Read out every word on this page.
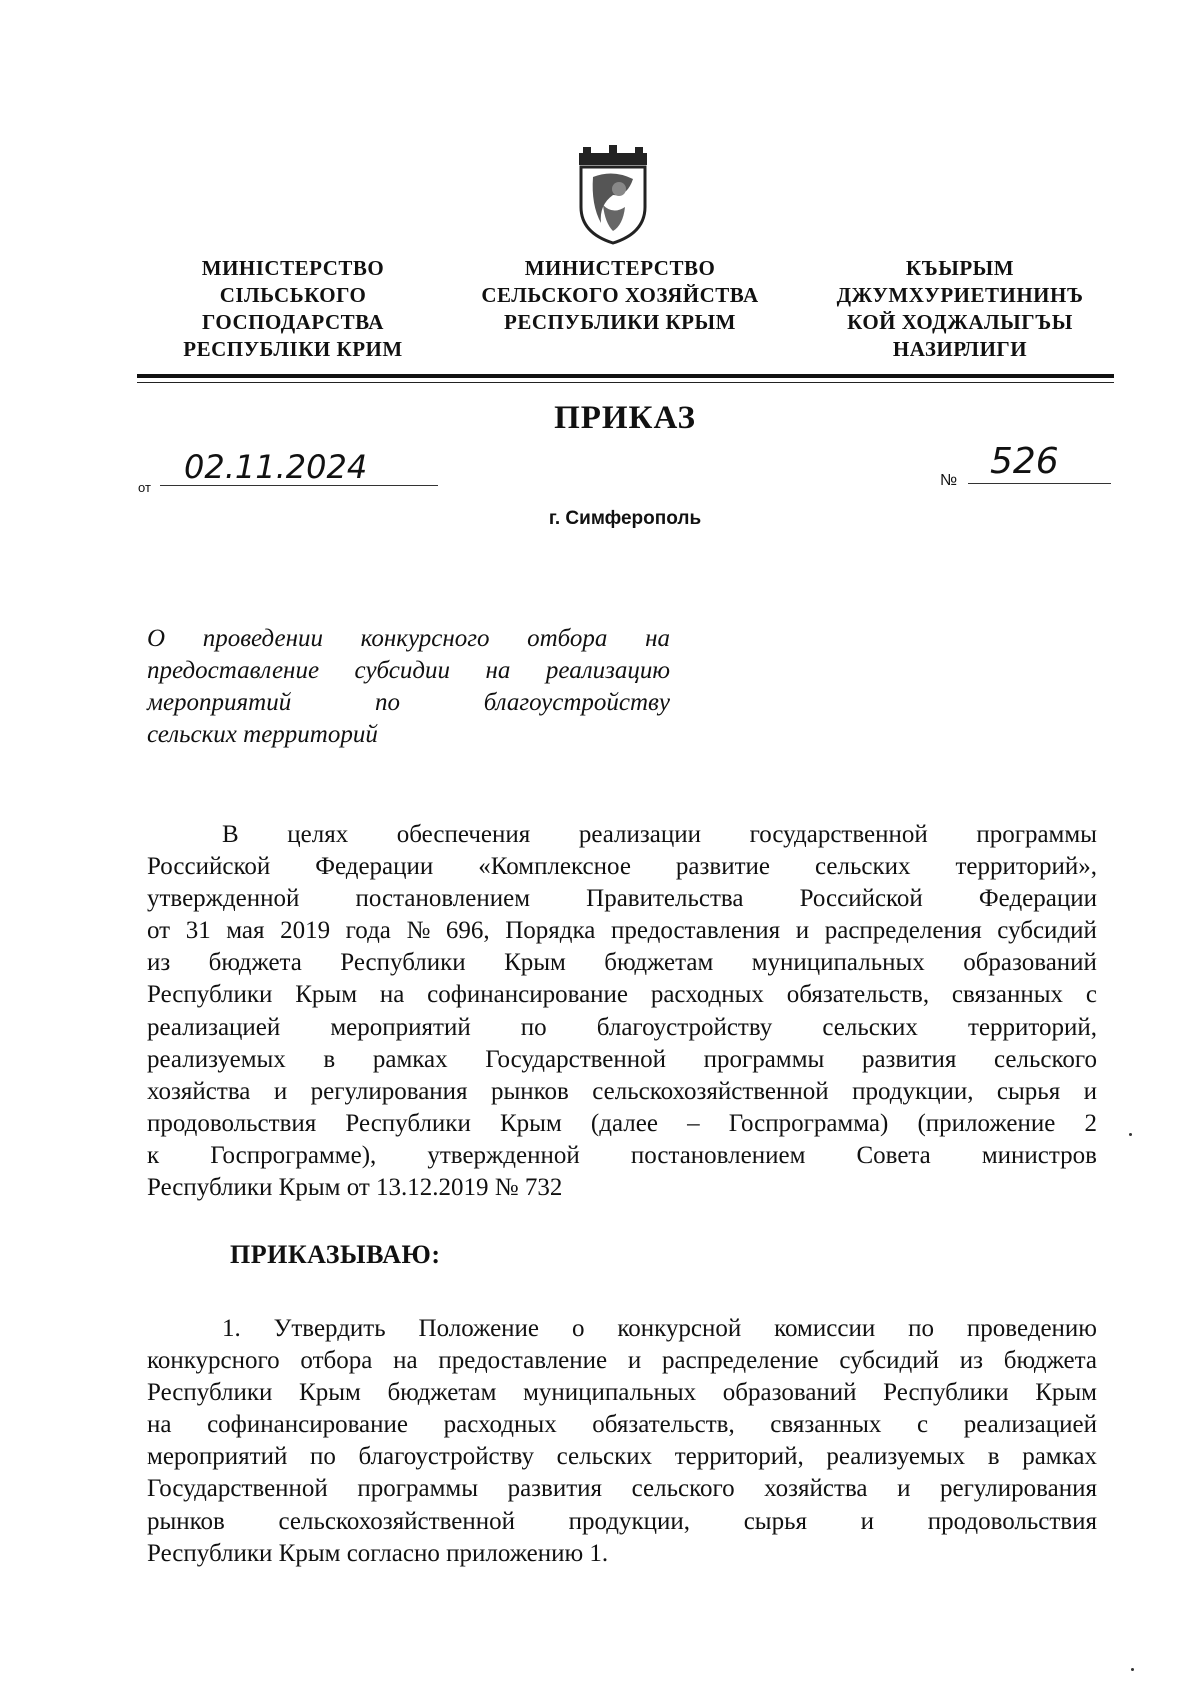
МИНІСТЕРСТВО
СІЛЬСЬКОГО
ГОСПОДАРСТВА
РЕСПУБЛІКИ КРИМ
МИНИСТЕРСТВО
СЕЛЬСКОГО ХОЗЯЙСТВА
РЕСПУБЛИКИ КРЫМ
КЪЫРЫМ
ДЖУМХУРИЕТИНИНЪ
КОЙ ХОДЖАЛЫГЪЫ
НАЗИРЛИГИ
ПРИКАЗ
от
02.11.2024	№ 526
г. Симферополь
О проведении конкурсного отбора на
предоставление субсидии на реализацию
мероприятий	по	благоустройству
сельских территорий
В целях обеспечения реализации государственной программы
Российской Федерации «Комплексное развитие сельских территорий»,
утвержденной постановлением Правительства Российской Федерации
от 31 мая 2019 года № 696, Порядка предоставления и распределения субсидий
из бюджета Республики Крым бюджетам муниципальных образований
Республики Крым на софинансирование расходных обязательств, связанных с
реализацией мероприятий по благоустройству сельских территорий,
реализуемых в рамках Государственной программы развития сельского
хозяйства и регулирования рынков сельскохозяйственной продукции, сырья и
продовольствия Республики Крым (далее – Госпрограмма) (приложение 2
к Госпрограмме), утвержденной постановлением Совета министров
Республики Крым от 13.12.2019 № 732
ПРИКАЗЫВАЮ:
1. Утвердить Положение о конкурсной комиссии по проведению
конкурсного отбора на предоставление и распределение субсидий из бюджета
Республики Крым бюджетам муниципальных образований Республики Крым
на софинансирование расходных обязательств, связанных с реализацией
мероприятий по благоустройству сельских территорий, реализуемых в рамках
Государственной программы развития сельского хозяйства и регулирования
рынков сельскохозяйственной продукции, сырья и продовольствия
Республики Крым согласно приложению 1.
